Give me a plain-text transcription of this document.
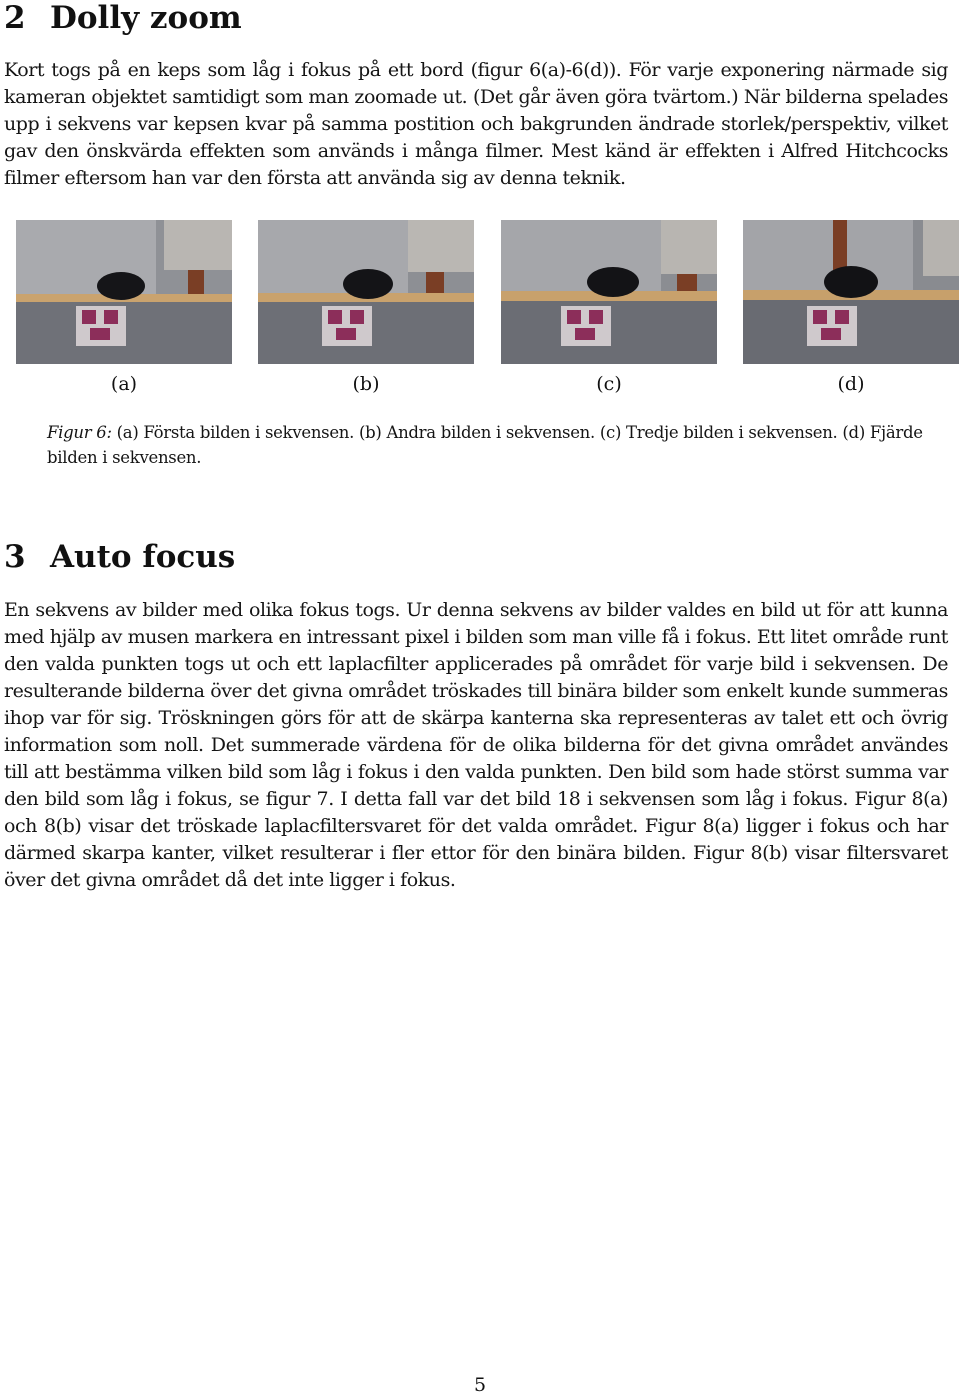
2 Dolly zoom

Kort togs på en keps som låg i fokus på ett bord (figur 6(a)-6(d)). För varje exponering närmade sig kameran objektet samtidigt som man zoomade ut. (Det går även göra tvärtom.) När bilderna spelades upp i sekvens var kepsen kvar på samma postition och bakgrunden ändrade storlek/perspektiv, vilket gav den önskvärda effekten som används i många filmer. Mest känd är effekten i Alfred Hitchcocks filmer eftersom han var den första att använda sig av denna teknik.

(a)	(b)	(c)	(d)

Figur 6: (a) Första bilden i sekvensen. (b) Andra bilden i sekvensen. (c) Tredje bilden i sekvensen. (d) Fjärde bilden i sekvensen.

3 Auto focus

En sekvens av bilder med olika fokus togs. Ur denna sekvens av bilder valdes en bild ut för att kunna med hjälp av musen markera en intressant pixel i bilden som man ville få i fokus. Ett litet område runt den valda punkten togs ut och ett laplacfilter applicerades på området för varje bild i sekvensen. De resulterande bilderna över det givna området tröskades till binära bilder som enkelt kunde summeras ihop var för sig. Tröskningen görs för att de skärpa kanterna ska representeras av talet ett och övrig information som noll. Det summerade värdena för de olika bilderna för det givna området användes till att bestämma vilken bild som låg i fokus i den valda punkten. Den bild som hade störst summa var den bild som låg i fokus, se figur 7. I detta fall var det bild 18 i sekvensen som låg i fokus. Figur 8(a) och 8(b) visar det tröskade laplacfiltersvaret för det valda området. Figur 8(a) ligger i fokus och har därmed skarpa kanter, vilket resulterar i fler ettor för den binära bilden. Figur 8(b) visar filtersvaret över det givna området då det inte ligger i fokus.

5
